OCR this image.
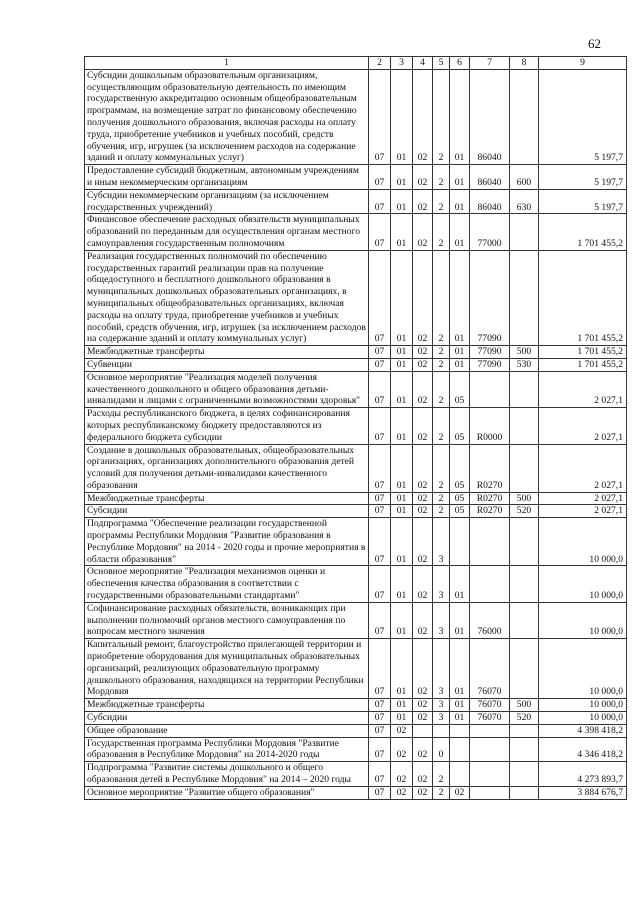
62
1	2	3	4	5	6	7	8	9
Субсидии дошкольным образовательным организациям, осуществляющим образовательную деятельность по имеющим государственную аккредитацию основным общеобразовательным программам, на возмещение затрат по финансовому обеспечению получения дошкольного образования, включая расходы на оплату труда, приобретение учебников и учебных пособий, средств обучения, игр, игрушек (за исключением расходов на содержание зданий и оплату коммунальных услуг)	07	01	02	2	01	86040		5 197,7
Предоставление субсидий бюджетным, автономным учреждениям и иным некоммерческим организациям	07	01	02	2	01	86040	600	5 197,7
Субсидии некоммерческим организациям (за исключением государственных учреждений)	07	01	02	2	01	86040	630	5 197,7
Финансовое обеспечение расходных обязательств муниципальных образований по переданным для осуществления органам местного самоуправления государственным полномочиям	07	01	02	2	01	77000		1 701 455,2
Реализация государственных полномочий по обеспечению государственных гарантий реализации прав на получение общедоступного и бесплатного дошкольного образования в муниципальных дошкольных образовательных организациях, в муниципальных общеобразовательных организациях, включая расходы на оплату труда, приобретение учебников и учебных пособий, средств обучения, игр, игрушек (за исключением расходов на содержание зданий и оплату коммунальных услуг)	07	01	02	2	01	77090		1 701 455,2
Межбюджетные трансферты	07	01	02	2	01	77090	500	1 701 455,2
Субвенции	07	01	02	2	01	77090	530	1 701 455,2
Основное мероприятие "Реализация моделей получения качественного дошкольного и общего образования детьми-инвалидами и лицами с ограниченными возможностями здоровья"	07	01	02	2	05			2 027,1
Расходы республиканского бюджета, в целях софинансирования которых республиканскому бюджету предоставляются из федерального бюджета субсидии	07	01	02	2	05	R0000		2 027,1
Создание в дошкольных образовательных, общеобразовательных организациях, организациях дополнительного образования детей условий для получения детьми-инвалидами качественного образования	07	01	02	2	05	R0270		2 027,1
Межбюджетные трансферты	07	01	02	2	05	R0270	500	2 027,1
Субсидии	07	01	02	2	05	R0270	520	2 027,1
Подпрограмма "Обеспечение реализации государственной программы Республики Мордовия "Развитие образования в Республике Мордовия" на 2014 - 2020 годы и прочие мероприятия в области образования"	07	01	02	3				10 000,0
Основное мероприятие "Реализация механизмов оценки и обеспечения качества образования в соответствии с государственными образовательными стандартами"	07	01	02	3	01			10 000,0
Софинансирование расходных обязательств, возникающих при выполнении полномочий органов местного самоуправления по вопросам местного значения	07	01	02	3	01	76000		10 000,0
Капитальный ремонт, благоустройство прилегающей территории и приобретение оборудования для муниципальных образовательных организаций, реализующих образовательную программу дошкольного образования, находящихся на территории Республики Мордовия	07	01	02	3	01	76070		10 000,0
Межбюджетные трансферты	07	01	02	3	01	76070	500	10 000,0
Субсидии	07	01	02	3	01	76070	520	10 000,0
Общее образование	07	02						4 398 418,2
Государственная программа Республики Мордовия "Развитие образования в Республике Мордовия" на 2014-2020 годы	07	02	02	0				4 346 418,2
Подпрограмма "Развитие системы дошкольного и общего образования детей в Республике Мордовия" на 2014 – 2020 годы	07	02	02	2				4 273 893,7
Основное мероприятие "Развитие общего образования"	07	02	02	2	02			3 884 676,7
